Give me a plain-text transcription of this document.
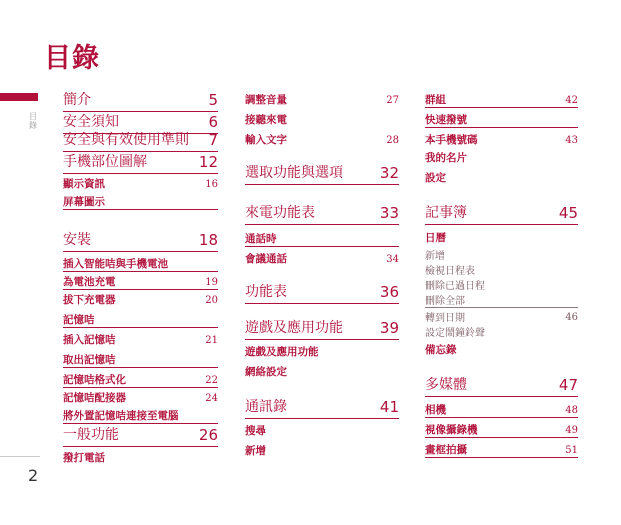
目錄
目錄
2
簡介	5
安全須知	6
安全與有效使用準則 7
手機部位圖解	12
顯示資訊	16
屏幕圖示
安裝	18
插入智能咭與手機電池
為電池充電	19
拔下充電器	20
記憶咭
插入記憶咭	21
取出記憶咭
記憶咭格式化	22
記憶咭配接器	24
將外置記憶咭連接至電腦
一般功能	26
撥打電話
調整音量	27
接聽來電
輸入文字	28
選取功能與選項 32
來電功能表	33
通話時
會議通話	34
功能表	36
遊戲及應用功能 39
遊戲及應用功能
網絡設定
通訊錄	41
搜尋
新增
群組	42
快速撥號
本手機號碼	43
我的名片
設定
記事簿	45
日曆
新增
檢視日程表
刪除已過日程
刪除全部
轉到日期	46
設定鬧鐘鈴聲
備忘錄
多媒體	47
相機	48
視像攝錄機	49
畫框拍攝	51
